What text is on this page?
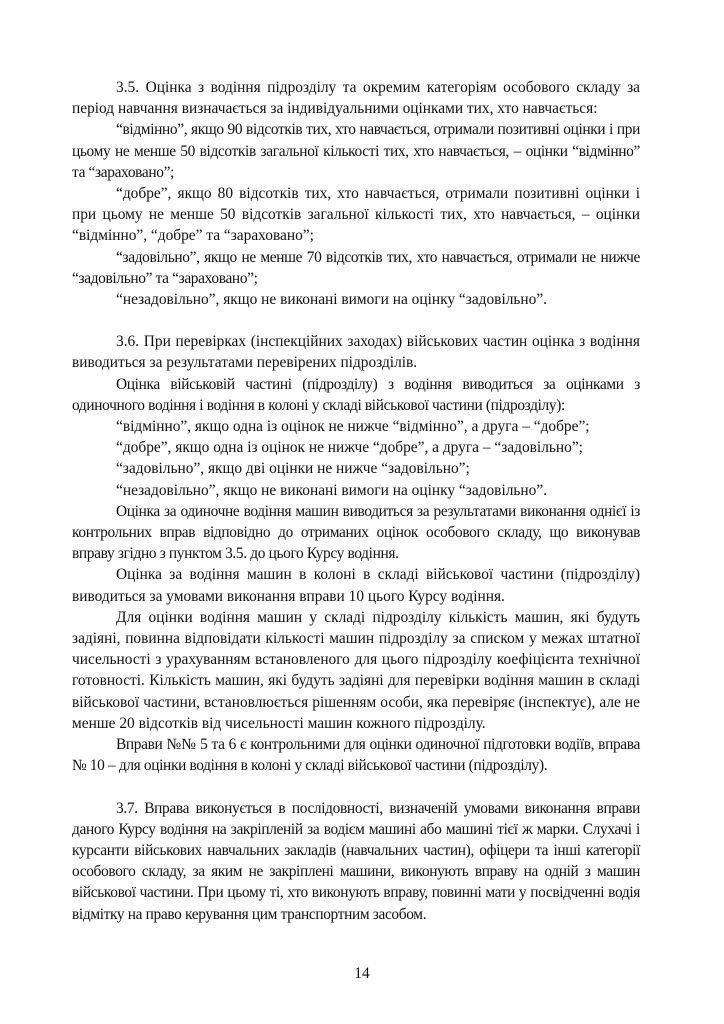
3.5. Оцінка з водіння підрозділу та окремим категоріям особового складу за період навчання визначається за індивідуальними оцінками тих, хто навчається:

“відмінно”, якщо 90 відсотків тих, хто навчається, отримали позитивні оцінки і при цьому не менше 50 відсотків загальної кількості тих, хто навчається, – оцінки “відмінно” та “зараховано”;

“добре”, якщо 80 відсотків тих, хто навчається, отримали позитивні оцінки і при цьому не менше 50 відсотків загальної кількості тих, хто навчається, – оцінки “відмінно”, “добре” та “зараховано”;

“задовільно”, якщо не менше 70 відсотків тих, хто навчається, отримали не нижче “задовільно” та “зараховано”;

“незадовільно”, якщо не виконані вимоги на оцінку “задовільно”.

3.6. При перевірках (інспекційних заходах) військових частин оцінка з водіння виводиться за результатами перевірених підрозділів.

Оцінка військовій частині (підрозділу) з водіння виводиться за оцінками з одиночного водіння і водіння в колоні у складі військової частини (підрозділу):

“відмінно”, якщо одна із оцінок не нижче “відмінно”, а друга – “добре”;

“добре”, якщо одна із оцінок не нижче “добре”, а друга – “задовільно”;

“задовільно”, якщо дві оцінки не нижче “задовільно”;

“незадовільно”, якщо не виконані вимоги на оцінку “задовільно”.

Оцінка за одиночне водіння машин виводиться за результатами виконання однієї із контрольних вправ відповідно до отриманих оцінок особового складу, що виконував вправу згідно з пунктом 3.5. до цього Курсу водіння.

Оцінка за водіння машин в колоні в складі військової частини (підрозділу) виводиться за умовами виконання вправи 10 цього Курсу водіння.

Для оцінки водіння машин у складі підрозділу кількість машин, які будуть задіяні, повинна відповідати кількості машин підрозділу за списком у межах штатної чисельності з урахуванням встановленого для цього підрозділу коефіцієнта технічної готовності. Кількість машин, які будуть задіяні для перевірки водіння машин в складі військової частини, встановлюється рішенням особи, яка перевіряє (інспектує), але не менше 20 відсотків від чисельності машин кожного підрозділу.

Вправи №№ 5 та 6 є контрольними для оцінки одиночної підготовки водіїв, вправа № 10 – для оцінки водіння в колоні у складі військової частини (підрозділу).

3.7. Вправа виконується в послідовності, визначеній умовами виконання вправи даного Курсу водіння на закріпленій за водієм машині або машині тієї ж марки. Слухачі і курсанти військових навчальних закладів (навчальних частин), офіцери та інші категорії особового складу, за яким не закріплені машини, виконують вправу на одній з машин військової частини. При цьому ті, хто виконують вправу, повинні мати у посвідченні водія відмітку на право керування цим транспортним засобом.

14
